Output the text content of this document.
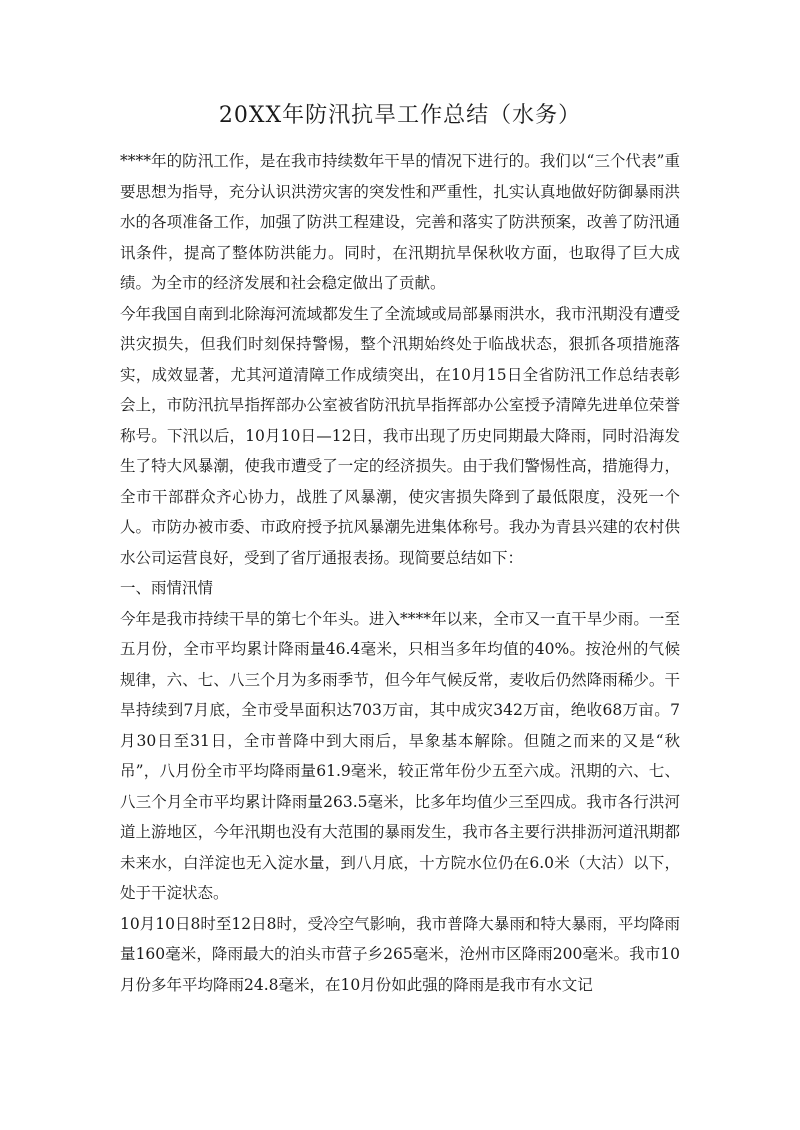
20XX年防汛抗旱工作总结（水务）

****年的防汛工作，是在我市持续数年干旱的情况下进行的。我们以“三个代表”重要思想为指导，充分认识洪涝灾害的突发性和严重性，扎实认真地做好防御暴雨洪水的各项准备工作，加强了防洪工程建设，完善和落实了防洪预案，改善了防汛通讯条件，提高了整体防洪能力。同时，在汛期抗旱保秋收方面，也取得了巨大成绩。为全市的经济发展和社会稳定做出了贡献。

今年我国自南到北除海河流域都发生了全流域或局部暴雨洪水，我市汛期没有遭受洪灾损失，但我们时刻保持警惕，整个汛期始终处于临战状态，狠抓各项措施落实，成效显著，尤其河道清障工作成绩突出，在10月15日全省防汛工作总结表彰会上，市防汛抗旱指挥部办公室被省防汛抗旱指挥部办公室授予清障先进单位荣誉称号。下汛以后，10月10日—12日，我市出现了历史同期最大降雨，同时沿海发生了特大风暴潮，使我市遭受了一定的经济损失。由于我们警惕性高，措施得力，全市干部群众齐心协力，战胜了风暴潮，使灾害损失降到了最低限度，没死一个人。市防办被市委、市政府授予抗风暴潮先进集体称号。我办为青县兴建的农村供水公司运营良好，受到了省厅通报表扬。现简要总结如下：

一、雨情汛情

今年是我市持续干旱的第七个年头。进入****年以来，全市又一直干旱少雨。一至五月份，全市平均累计降雨量46.4毫米，只相当多年均值的40%。按沧州的气候规律，六、七、八三个月为多雨季节，但今年气候反常，麦收后仍然降雨稀少。干旱持续到7月底，全市受旱面积达703万亩，其中成灾342万亩，绝收68万亩。7月30日至31日，全市普降中到大雨后，旱象基本解除。但随之而来的又是“秋吊”，八月份全市平均降雨量61.9毫米，较正常年份少五至六成。汛期的六、七、八三个月全市平均累计降雨量263.5毫米，比多年均值少三至四成。我市各行洪河道上游地区，今年汛期也没有大范围的暴雨发生，我市各主要行洪排沥河道汛期都未来水，白洋淀也无入淀水量，到八月底，十方院水位仍在6.0米（大沽）以下，处于干淀状态。

10月10日8时至12日8时，受冷空气影响，我市普降大暴雨和特大暴雨，平均降雨量160毫米，降雨最大的泊头市营子乡265毫米，沧州市区降雨200毫米。我市10月份多年平均降雨24.8毫米，在10月份如此强的降雨是我市有水文记
